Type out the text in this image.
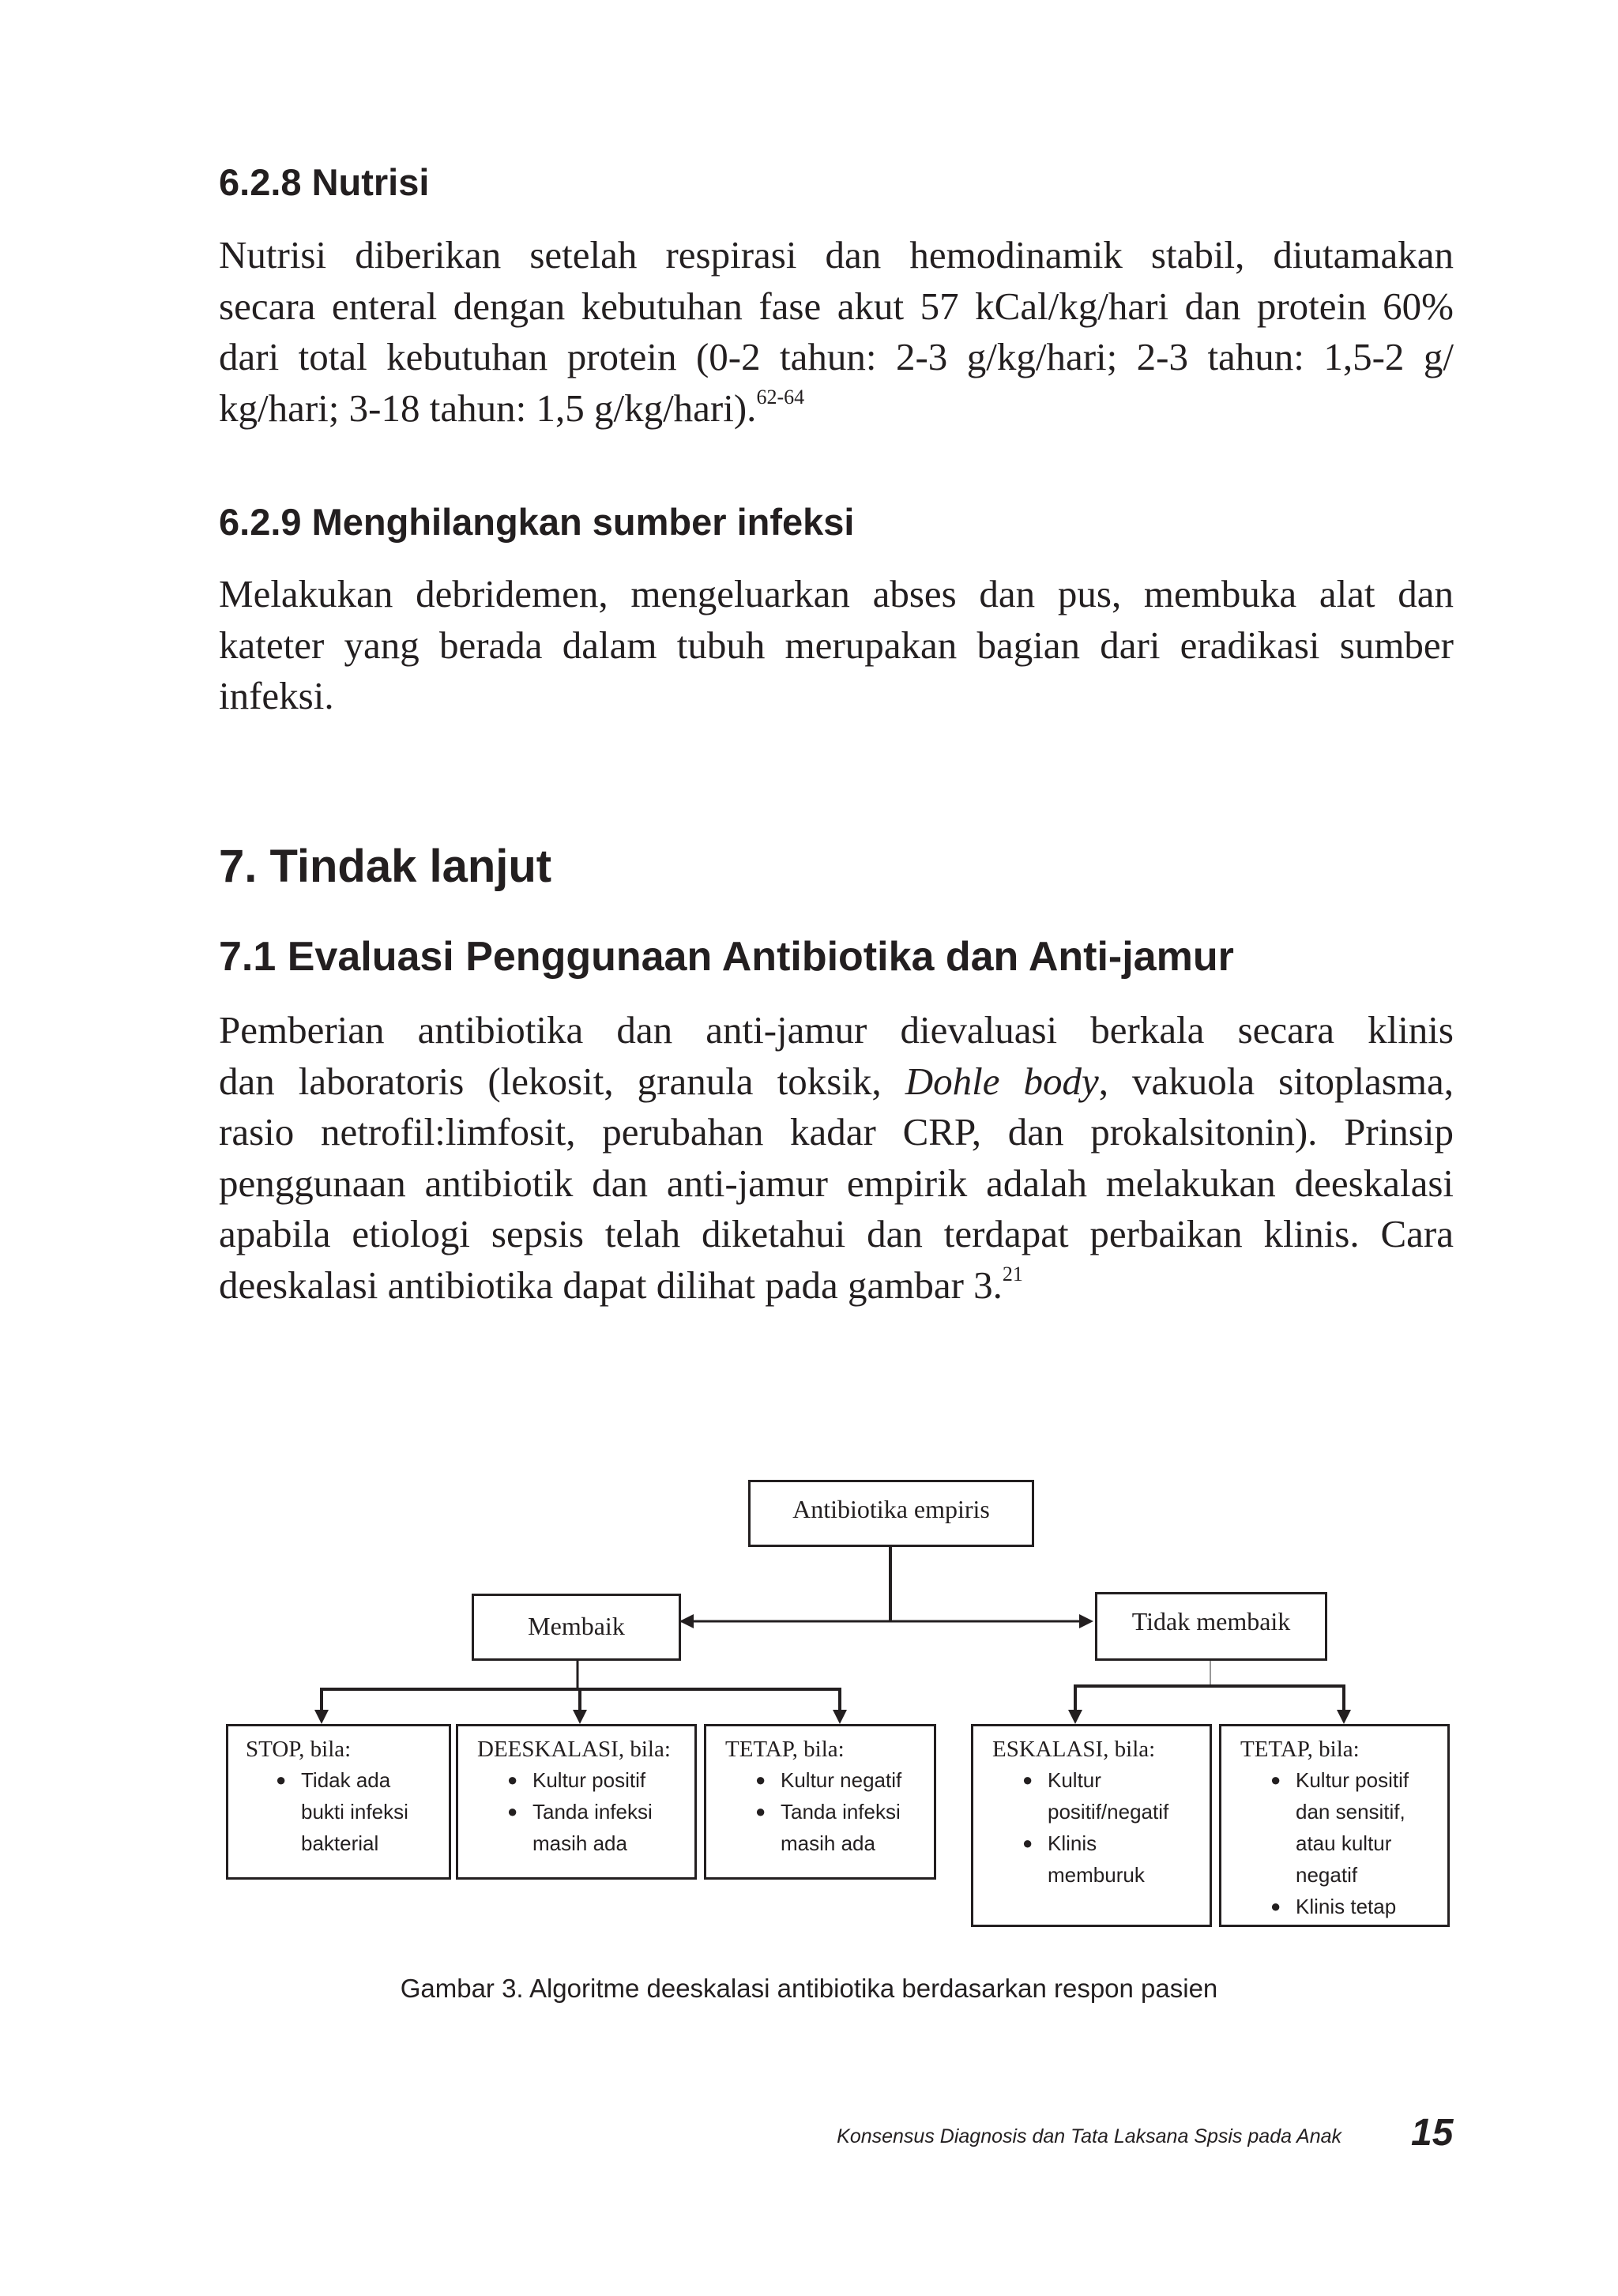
6.2.8 Nutrisi
Nutrisi diberikan setelah respirasi dan hemodinamik stabil, diutamakan
secara enteral dengan kebutuhan fase akut 57 kCal/kg/hari dan protein 60%
dari total kebutuhan protein (0-2 tahun: 2-3 g/kg/hari; 2-3 tahun: 1,5-2 g/
kg/hari; 3-18 tahun: 1,5 g/kg/hari).$^{62-64}$
6.2.9 Menghilangkan sumber infeksi
Melakukan debridemen, mengeluarkan abses dan pus, membuka alat dan
kateter yang berada dalam tubuh merupakan bagian dari eradikasi sumber
infeksi.
7. Tindak lanjut
7.1 Evaluasi Penggunaan Antibiotika dan Anti-jamur
Pemberian antibiotika dan anti-jamur dievaluasi berkala secara klinis
dan laboratoris (lekosit, granula toksik, Dohle body, vakuola sitoplasma,
rasio netrofil:limfosit, perubahan kadar CRP, dan prokalsitonin). Prinsip
penggunaan antibiotik dan anti-jamur empirik adalah melakukan deeskalasi
apabila etiologi sepsis telah diketahui dan terdapat perbaikan klinis. Cara
deeskalasi antibiotika dapat dilihat pada gambar 3.21
Antibiotika empiris
Membaik	Tidak membaik
STOP, bila:
● Tidak ada
bukti infeksi
bakterial
DEESKALASI, bila:
● Kultur positif
● Tanda infeksi
masih ada
TETAP, bila:
● Kultur negatif
● Tanda infeksi
masih ada
ESKALASI, bila:
● Kultur
positif/negatif
● Klinis
memburuk
TETAP, bila:
● Kultur positif
dan sensitif,
atau kultur
negatif
● Klinis tetap
Gambar 3. Algoritme deeskalasi antibiotika berdasarkan respon pasien
Konsensus Diagnosis dan Tata Laksana Spsis pada Anak 15
